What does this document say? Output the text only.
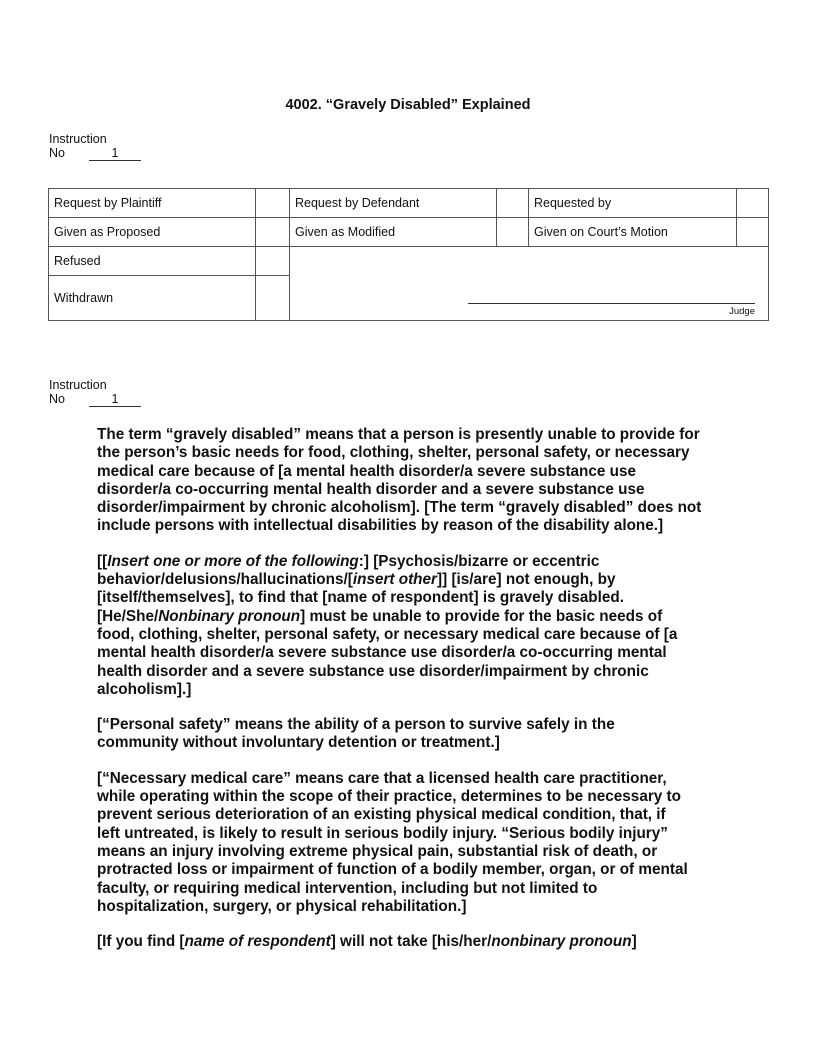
4002. “Gravely Disabled” Explained
Instruction
No	1
Request by Plaintiff		Request by Defendant		Requested by	
Given as Proposed		Given as Modified		Given on Court’s Motion	
Refused		Judge			

Withdrawn					
Instruction
No	1
The term “gravely disabled” means that a person is presently unable to provide for
the person’s basic needs for food, clothing, shelter, personal safety, or necessary
medical care because of [a mental health disorder/a severe substance use
disorder/a co-occurring mental health disorder and a severe substance use
disorder/impairment by chronic alcoholism]. [The term “gravely disabled” does not
include persons with intellectual disabilities by reason of the disability alone.]
[[Insert one or more of the following:] [Psychosis/bizarre or eccentric
behavior/delusions/hallucinations/[insert other]] [is/are] not enough, by
[itself/themselves], to find that [name of respondent] is gravely disabled.
[He/She/Nonbinary pronoun] must be unable to provide for the basic needs of
food, clothing, shelter, personal safety, or necessary medical care because of [a
mental health disorder/a severe substance use disorder/a co-occurring mental
health disorder and a severe substance use disorder/impairment by chronic
alcoholism].]
[“Personal safety” means the ability of a person to survive safely in the
community without involuntary detention or treatment.]
[“Necessary medical care” means care that a licensed health care practitioner,
while operating within the scope of their practice, determines to be necessary to
prevent serious deterioration of an existing physical medical condition, that, if
left untreated, is likely to result in serious bodily injury. “Serious bodily injury”
means an injury involving extreme physical pain, substantial risk of death, or
protracted loss or impairment of function of a bodily member, organ, or of mental
faculty, or requiring medical intervention, including but not limited to
hospitalization, surgery, or physical rehabilitation.]
[If you find [name of respondent] will not take [his/her/nonbinary pronoun]
